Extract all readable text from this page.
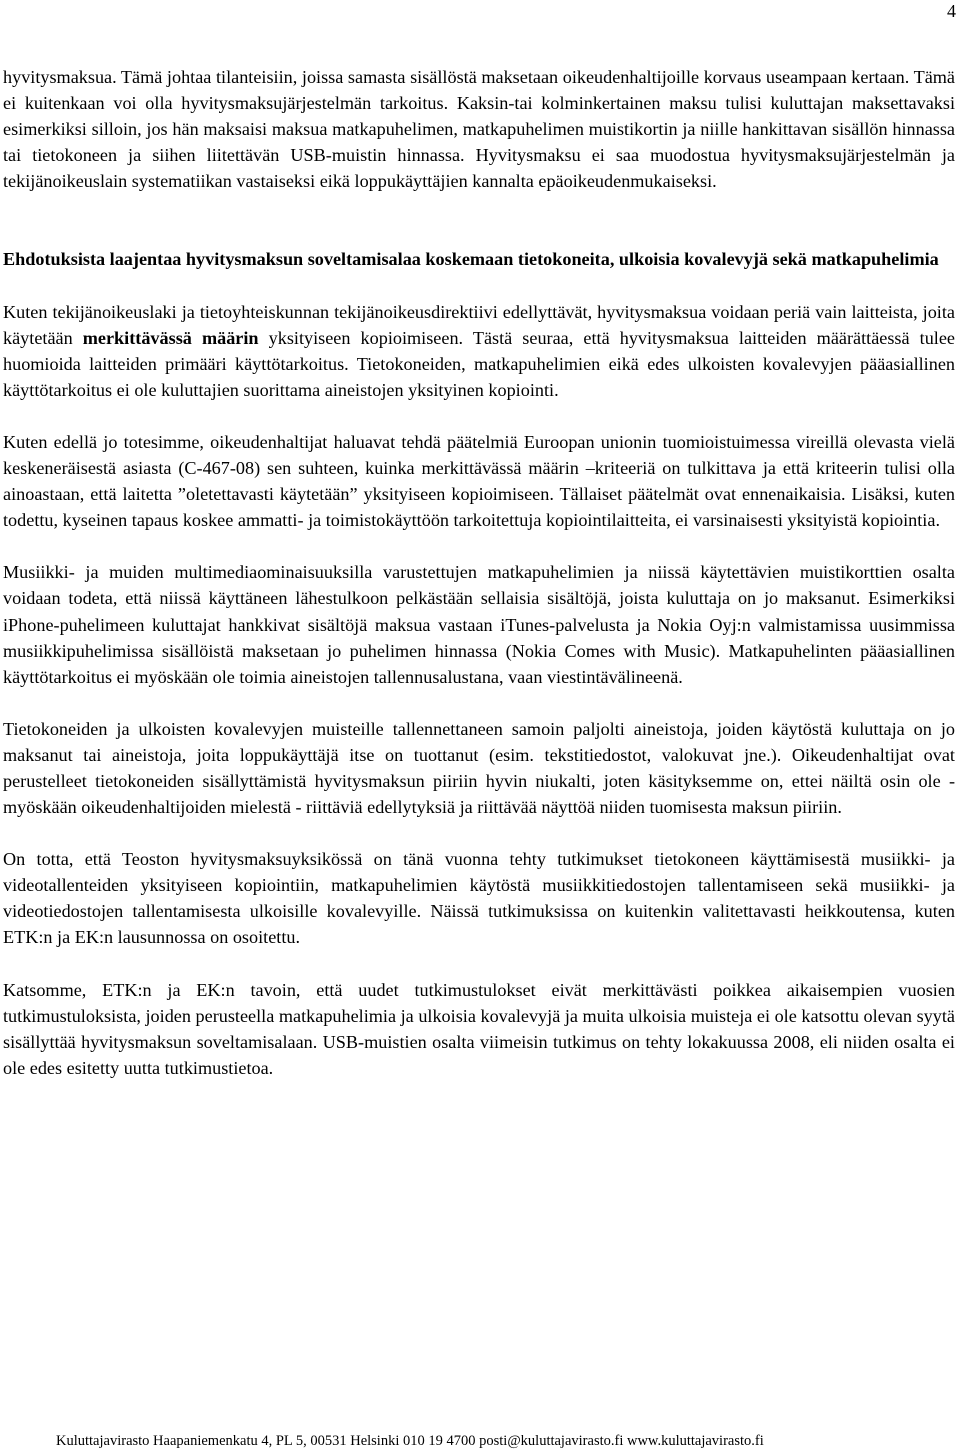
4

hyvitysmaksua. Tämä johtaa tilanteisiin, joissa samasta sisällöstä maksetaan oikeudenhaltijoille korvaus useampaan kertaan. Tämä ei kuitenkaan voi olla hyvitysmaksujärjestelmän tarkoitus. Kaksin-tai kolminkertainen maksu tulisi kuluttajan maksettavaksi esimerkiksi silloin, jos hän maksaisi maksua matkapuhelimen, matkapuhelimen muistikortin ja niille hankittavan sisällön hinnassa tai tietokoneen ja siihen liitettävän USB-muistin hinnassa. Hyvitysmaksu ei saa muodostua hyvitysmaksujärjestelmän ja tekijänoikeuslain systematiikan vastaiseksi eikä loppukäyttäjien kannalta epäoikeudenmukaiseksi.

Ehdotuksista laajentaa hyvitysmaksun soveltamisalaa koskemaan tietokoneita, ulkoisia kovalevyjä sekä matkapuhelimia

Kuten tekijänoikeuslaki ja tietoyhteiskunnan tekijänoikeusdirektiivi edellyttävät, hyvitysmaksua voidaan periä vain laitteista, joita käytetään merkittävässä määrin yksityiseen kopioimiseen. Tästä seuraa, että hyvitysmaksua laitteiden määrättäessä tulee huomioida laitteiden primääri käyttötarkoitus. Tietokoneiden, matkapuhelimien eikä edes ulkoisten kovalevyjen pääasiallinen käyttötarkoitus ei ole kuluttajien suorittama aineistojen yksityinen kopiointi.

Kuten edellä jo totesimme, oikeudenhaltijat haluavat tehdä päätelmiä Euroopan unionin tuomioistuimessa vireillä olevasta vielä keskeneräisestä asiasta (C-467-08) sen suhteen, kuinka merkittävässä määrin –kriteeriä on tulkittava ja että kriteerin tulisi olla ainoastaan, että laitetta ”oletettavasti käytetään” yksityiseen kopioimiseen. Tällaiset päätelmät ovat ennenaikaisia. Lisäksi, kuten todettu, kyseinen tapaus koskee ammatti- ja toimistokäyttöön tarkoitettuja kopiointilaitteita, ei varsinaisesti yksityistä kopiointia.

Musiikki- ja muiden multimediaominaisuuksilla varustettujen matkapuhelimien ja niissä käytettävien muistikorttien osalta voidaan todeta, että niissä käyttäneen lähestulkoon pelkästään sellaisia sisältöjä, joista kuluttaja on jo maksanut. Esimerkiksi iPhone-puhelimeen kuluttajat hankkivat sisältöjä maksua vastaan iTunes-palvelusta ja Nokia Oyj:n valmistamissa uusimmissa musiikkipuhelimissa sisällöistä maksetaan jo puhelimen hinnassa (Nokia Comes with Music). Matkapuhelinten pääasiallinen käyttötarkoitus ei myöskään ole toimia aineistojen tallennusalustana, vaan viestintävälineenä.

Tietokoneiden ja ulkoisten kovalevyjen muisteille tallennettaneen samoin paljolti aineistoja, joiden käytöstä kuluttaja on jo maksanut tai aineistoja, joita loppukäyttäjä itse on tuottanut (esim. tekstitiedostot, valokuvat jne.). Oikeudenhaltijat ovat perustelleet tietokoneiden sisällyttämistä hyvitysmaksun piiriin hyvin niukalti, joten käsityksemme on, ettei näiltä osin ole - myöskään oikeudenhaltijoiden mielestä - riittäviä edellytyksiä ja riittävää näyttöä niiden tuomisesta maksun piiriin.

On totta, että Teoston hyvitysmaksuyksikössä on tänä vuonna tehty tutkimukset tietokoneen käyttämisestä musiikki- ja videotallenteiden yksityiseen kopiointiin, matkapuhelimien käytöstä musiikkitiedostojen tallentamiseen sekä musiikki- ja videotiedostojen tallentamisesta ulkoisille kovalevyille. Näissä tutkimuksissa on kuitenkin valitettavasti heikkoutensa, kuten ETK:n ja EK:n lausunnossa on osoitettu.

Katsomme, ETK:n ja EK:n tavoin, että uudet tutkimustulokset eivät merkittävästi poikkea aikaisempien vuosien tutkimustuloksista, joiden perusteella matkapuhelimia ja ulkoisia kovalevyjä ja muita ulkoisia muisteja ei ole katsottu olevan syytä sisällyttää hyvitysmaksun soveltamisalaan. USB-muistien osalta viimeisin tutkimus on tehty lokakuussa 2008, eli niiden osalta ei ole edes esitetty uutta tutkimustietoa.

Kuluttajavirasto Haapaniemenkatu 4, PL 5, 00531 Helsinki 010 19 4700 posti@kuluttajavirasto.fi www.kuluttajavirasto.fi
